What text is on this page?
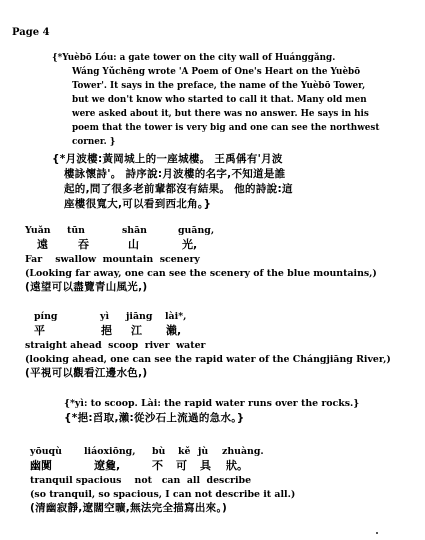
Page 4
{*Yuèbō Lóu: a gate tower on the city wall of Huánggǎng.
Wáng Yǔchēng wrote 'A Poem of One's Heart on the Yuèbō
Tower'. It says in the preface, the name of the Yuèbō Tower,
but we don't know who started to call it that. Many old men
were asked about it, but there was no answer. He says in his
poem that the tower is very big and one can see the northwest
corner. }
{*月波樓:黃岡城上的一座城樓。 王禹偁有'月波
樓詠懷詩'。 詩序說:月波樓的名字,不知道是誰
起的,問了很多老前輩都沒有結果。 他的詩說:這
座樓很寬大,可以看到西北角。}
Yuǎn tūn	shān	guāng,
遠	吞	山	光,
Far    swallow  mountain  scenery
(Looking far away, one can see the scenery of the blue mountains,)
(遠望可以盡覽青山風光,)
píng	yì jiāng lài*,
平	挹 江 瀨,
straight ahead  scoop  river  water
(looking ahead, one can see the rapid water of the Chángjiāng River,)
(平視可以觀看江邊水色,)
{*yì: to scoop. Lài: the rapid water runs over the rocks.}
{*挹:舀取,瀨:從沙石上流過的急水。}
yōuqù liáoxiōng, bù kě jù zhuàng.
幽闃	遼敻,	不 可 具 狀。
tranquil spacious    not   can  all  describe
(so tranquil, so spacious, I can not describe it all.)
(清幽寂靜,遼闊空曠,無法完全描寫出來。)
